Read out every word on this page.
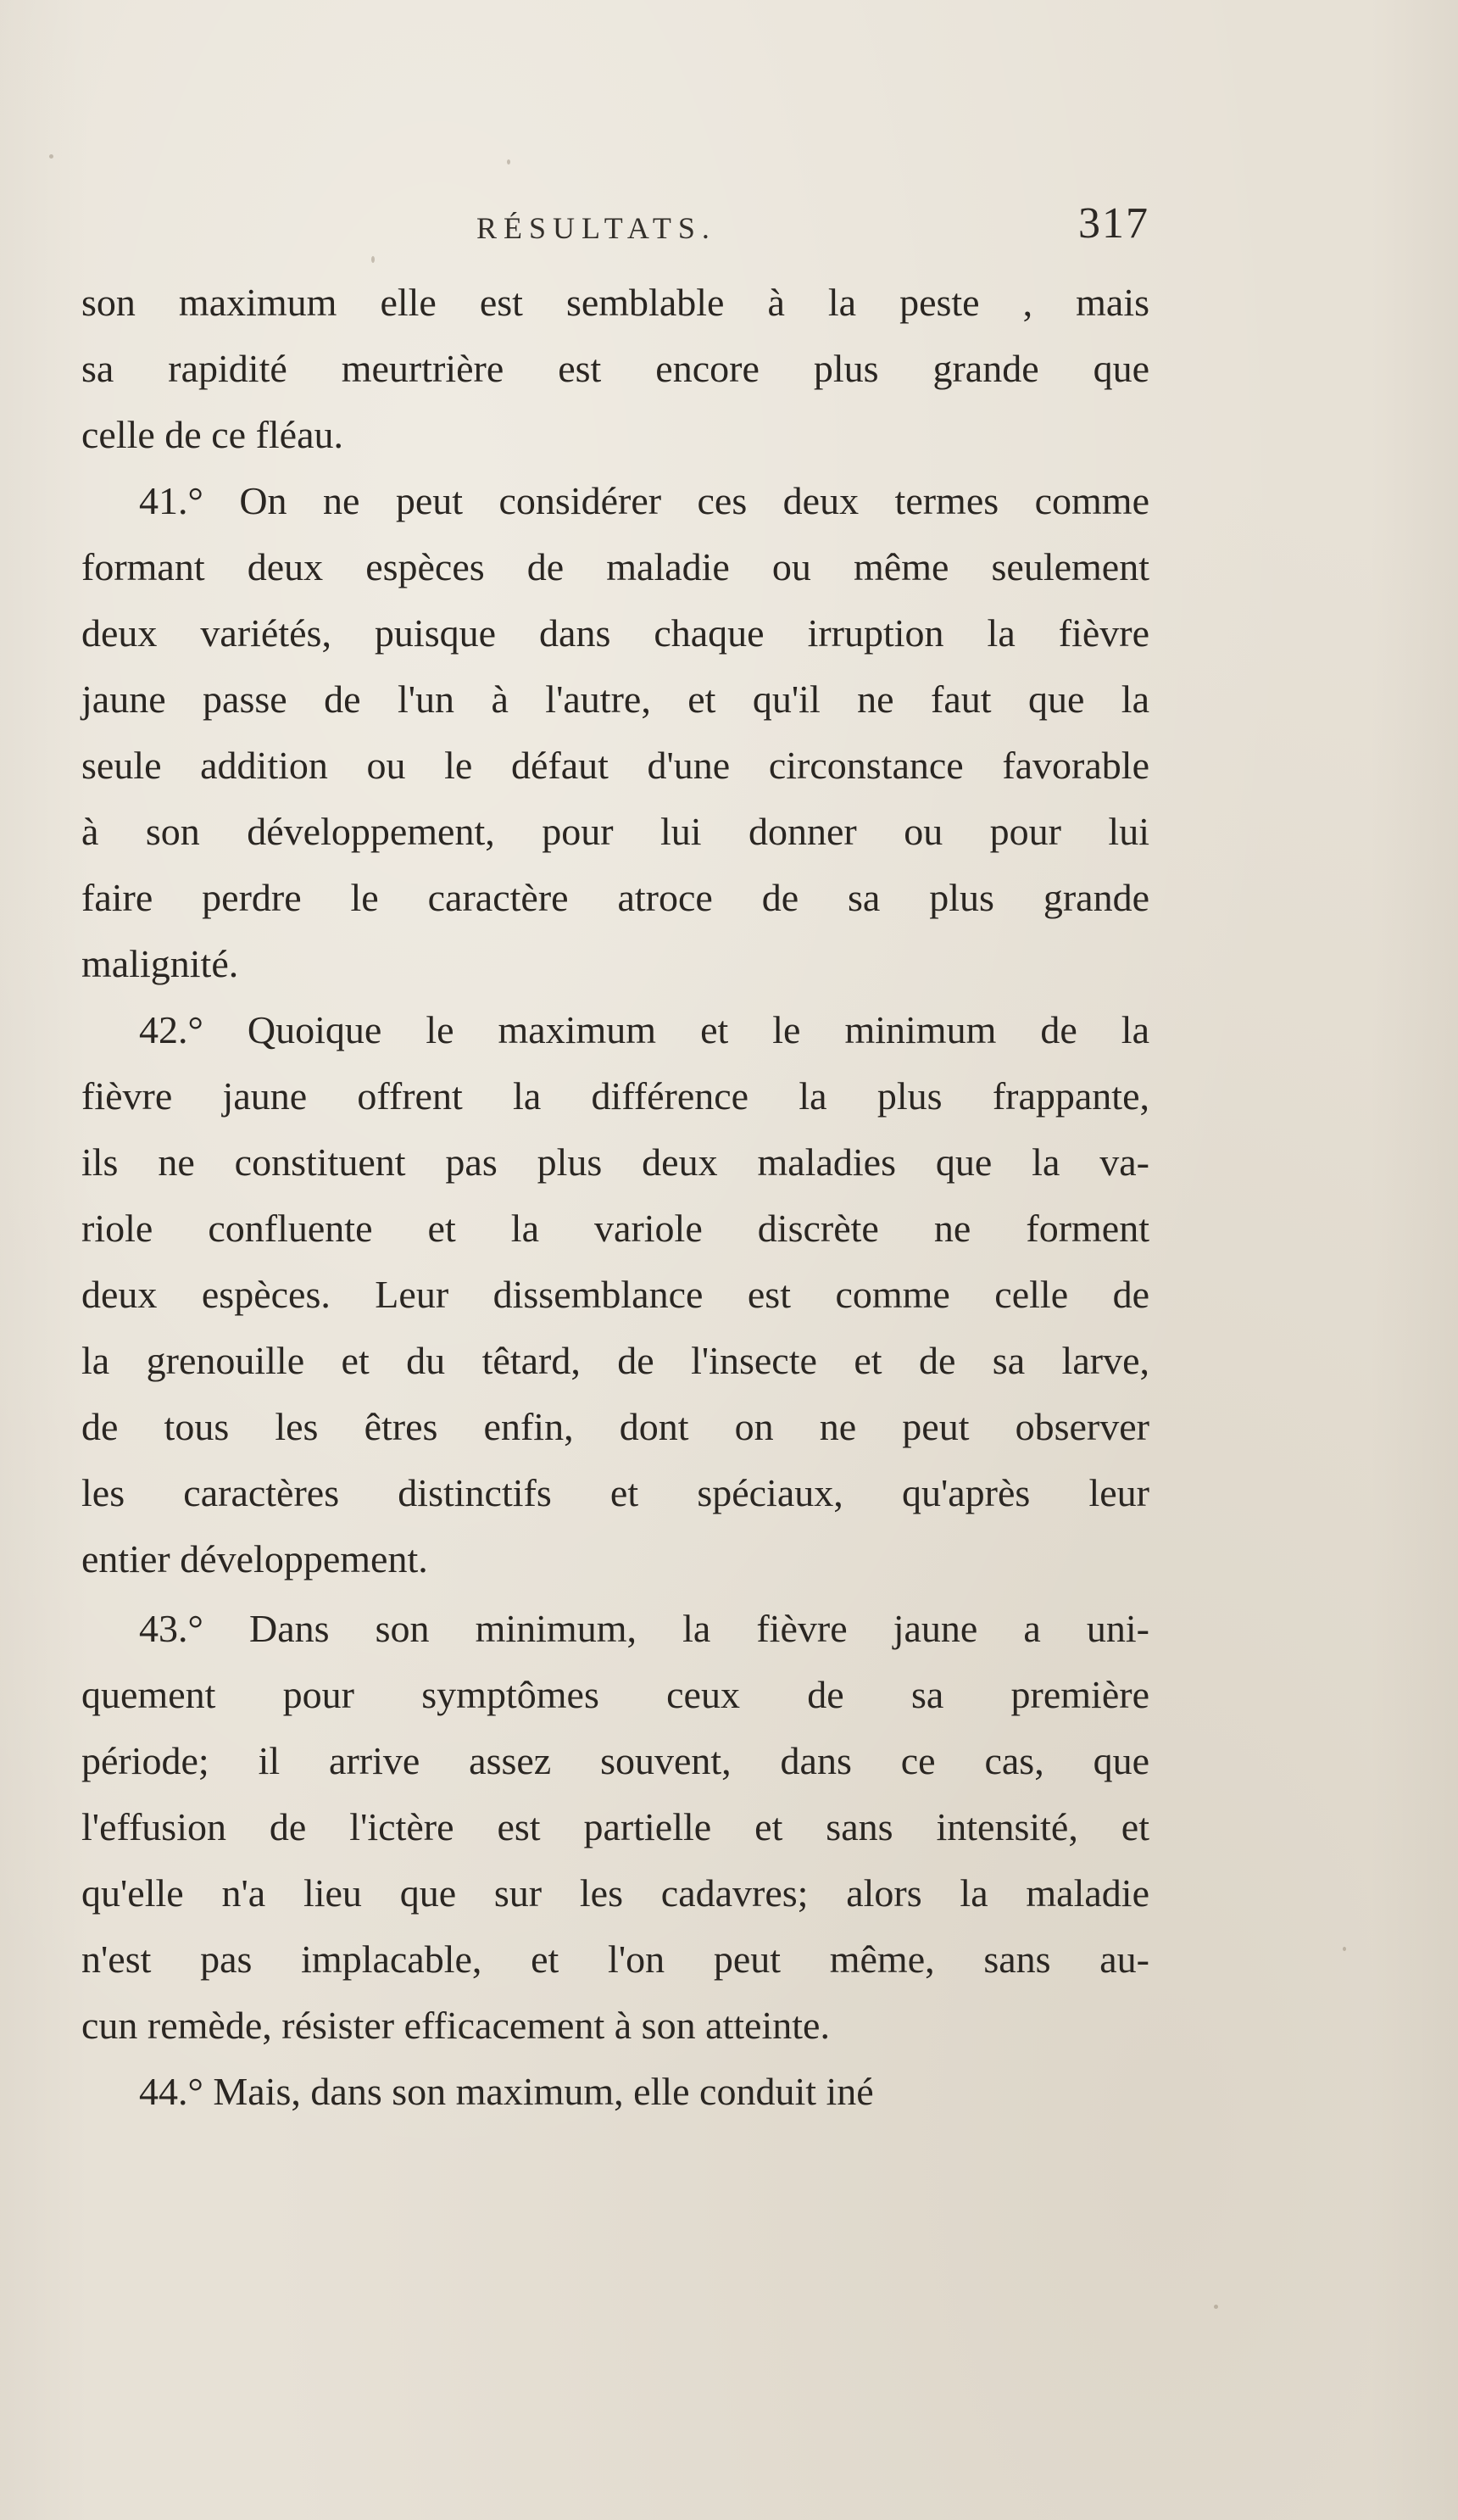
RÉSULTATS.	317
son maximum elle est semblable à la peste , mais
sa rapidité meurtrière est encore plus grande que
celle de ce fléau.
41.° On ne peut considérer ces deux termes comme
formant deux espèces de maladie ou même seulement
deux variétés, puisque dans chaque irruption la fièvre
jaune passe de l'un à l'autre, et qu'il ne faut que la
seule addition ou le défaut d'une circonstance favorable
à son développement, pour lui donner ou pour lui
faire perdre le caractère atroce de sa plus grande
malignité.
42.° Quoique le maximum et le minimum de la
fièvre jaune offrent la différence la plus frappante,
ils ne constituent pas plus deux maladies que la va-
riole confluente et la variole discrète ne forment
deux espèces. Leur dissemblance est comme celle de
la grenouille et du têtard, de l'insecte et de sa larve,
de tous les êtres enfin, dont on ne peut observer
les caractères distinctifs et spéciaux, qu'après leur
entier développement.
43.° Dans son minimum, la fièvre jaune a uni-
quement pour symptômes ceux de sa première
période; il arrive assez souvent, dans ce cas, que
l'effusion de l'ictère est partielle et sans intensité, et
qu'elle n'a lieu que sur les cadavres; alors la maladie
n'est pas implacable, et l'on peut même, sans au-
cun remède, résister efficacement à son atteinte.
44.° Mais, dans son maximum, elle conduit iné
